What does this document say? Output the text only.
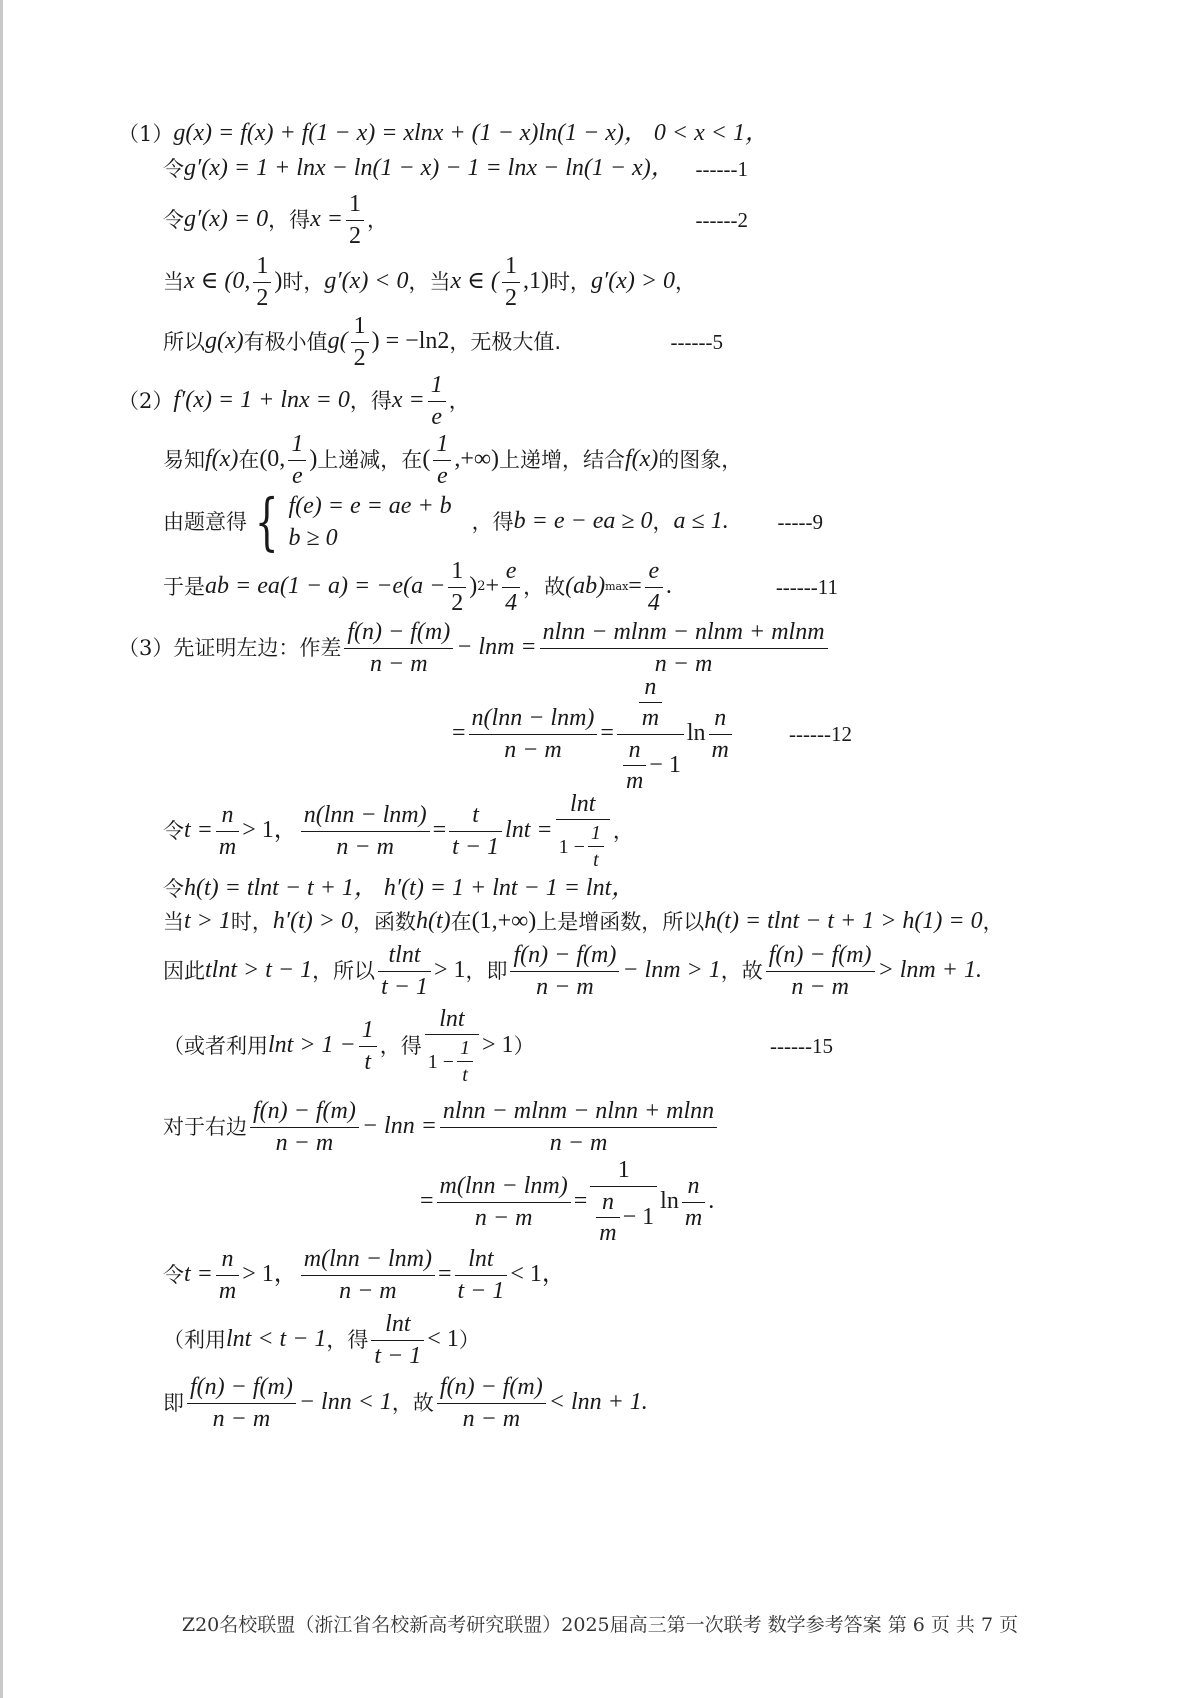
（1） g(x) = f(x) + f(1 − x) = xlnx + (1 − x)ln(1 − x)， 0 < x < 1，
令 g′(x) = 1 + lnx − ln(1 − x) − 1 = lnx − ln(1 − x)， ------1
令 g′(x) = 0 ，得 $x = \frac{1}{2}$ ，	------2
当 x ∈ (0, $\frac{1}{2}$ ) 时， g′(x) < 0 ，当 x ∈ ( $\frac{1}{2} ,1$) 时， g′(x) > 0 ，
所以 g(x) 有极小值 $g( \frac{1}{2}$ ) = −ln2 ，无极大值.	------5
（2） f′(x) = 1 + lnx = 0 ，得 $x = \frac{1}{e}$ ，
易知 f(x) 在 (0, $\frac{1}{e}$ ) 上递减，在 ( $\frac{1}{e}$ ,+∞) 上递增，结合 f(x) 的图象，
由题意得 { f(e) = e = ae + b
b ≥ 0
，得 b = e − ea ≥ 0 ， a ≤ 1. -----9
于是 ab = $ea(1 - a) = -e(a - \frac{1}{2}$ ) $2 + \frac{e}{4}$ ，故 (ab) $\max = \frac{e}{4}$ .	------11
（3） 先证明左边：作差 $\frac{f(n) - f(m)}{n - m} - \ln m = \frac{nlnn - mlnm - nlnm + mlnm}{n - m}$
= $\frac{n(\ln n - \ln m)}{n - m} = \frac{\frac{n}{m}}{\frac{n}{m} - 1}$ $\ln \frac{n}{m}$	------12
令 $t = \frac{n}{m} > 1$， $\frac{n(\ln n - \ln m)}{n - m} = \frac{t}{t - 1}$ $\ln t = \frac{\ln t}{1 - \frac{1}{t}}$ ，
令 h(t) = tlnt − t + 1， h′(t) = 1 + lnt − 1 = lnt，
当 t > 1 时， h′(t) > 0 ，函数 h(t) 在 (1,+∞) 上是增函数，所以 h(t) = tlnt − t + 1 > h(1) = 0 ，
因此 tlnt > t − 1 ，所以 $\frac{tlnt}{t - 1} > 1$ ，即 $\frac{f(n) - f(m)}{n - m} - \ln m > 1$ ，故 $\frac{f(n) - f(m)}{n - m} > \ln m + 1$.
（或者利用 $\ln t > 1 - \frac{1}{t}$ ，得 $\frac{\ln t}{1 - \frac{1}{t}} > 1$ ）	------15
对于右边 $\frac{f(n) - f(m)}{n - m} - \ln n = \frac{nlnn - mlnm - nlnn + mlnn}{n - m}$
= $\frac{m(\ln n - \ln m)}{n - m} = \frac{1}{\frac{n}{m} - 1}$ $\ln \frac{n}{m}$ .
令 $t = \frac{n}{m} > 1$， $\frac{m(\ln n - \ln m)}{n - m} = \frac{\ln t}{t - 1} < 1$，
（利用 lnt < t − 1 ，得 $\frac{\ln t}{t - 1} < 1$ ）
即 $\frac{f(n) - f(m)}{n - m} - \ln n < 1$ ，故 $\frac{f(n) - f(m)}{n - m} < \ln n + 1$.
Z20名校联盟（浙江省名校新高考研究联盟）2025届高三第一次联考 数学参考答案 第 6 页 共 7 页
